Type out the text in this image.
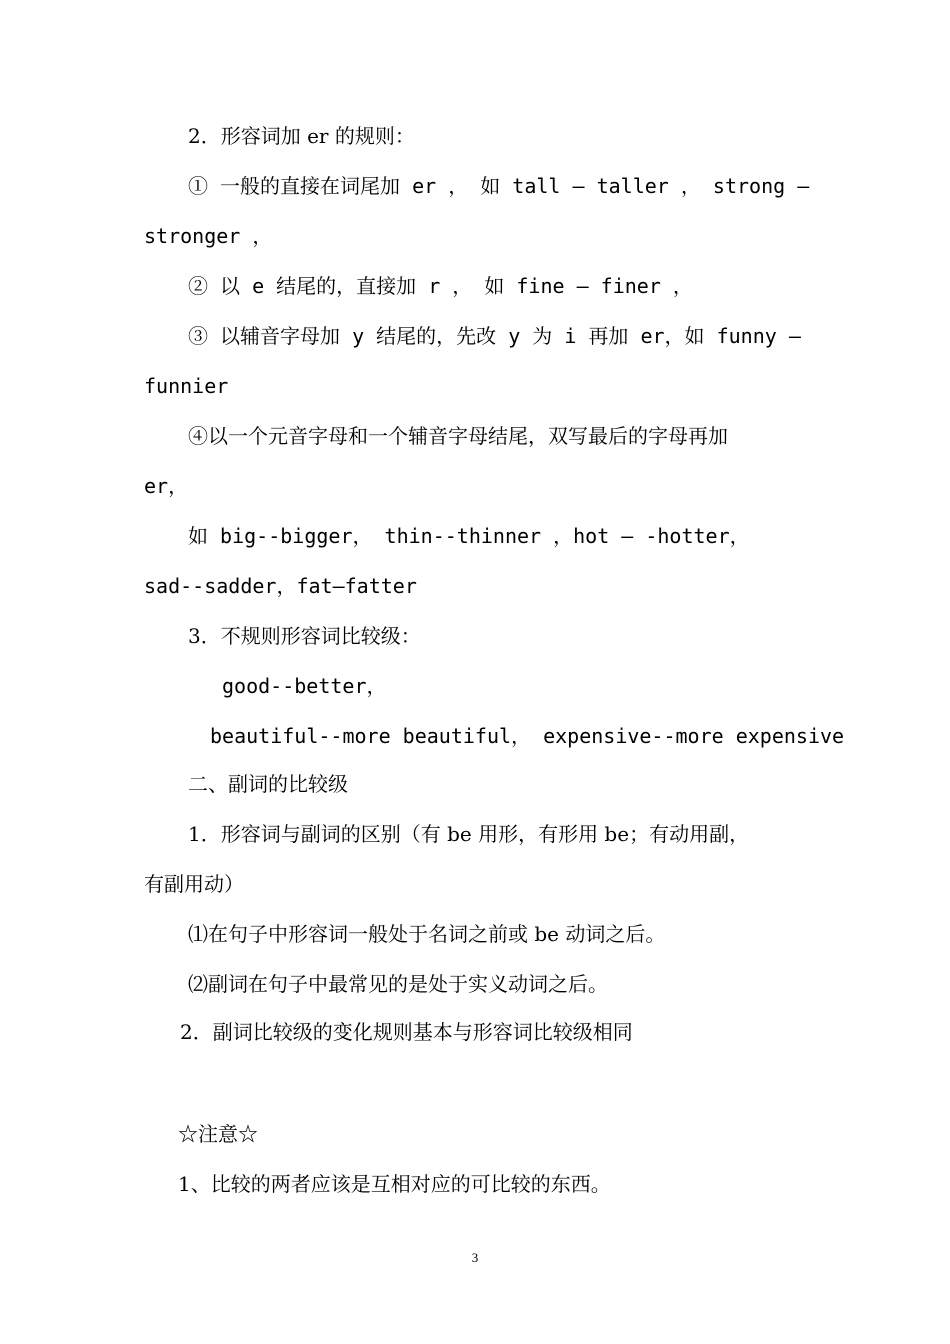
2．形容词加 er 的规则：
① 一般的直接在词尾加 er ， 如 tall – taller ， strong –
stronger ，
② 以 e 结尾的，直接加 r ， 如 fine – finer ，
③ 以辅音字母加 y 结尾的，先改 y 为 i 再加 er，如 funny –
funnier
④以一个元音字母和一个辅音字母结尾，双写最后的字母再加
er，
如 big--bigger， thin--thinner ，hot – -hotter，
sad--sadder，fat—fatter
3．不规则形容词比较级：
good--better，
beautiful--more beautiful， expensive--more expensive
二、副词的比较级
1．形容词与副词的区别（有 be 用形，有形用 be；有动用副，
有副用动）
⑴在句子中形容词一般处于名词之前或 be 动词之后。
⑵副词在句子中最常见的是处于实义动词之后。
2．副词比较级的变化规则基本与形容词比较级相同
☆注意☆
1、比较的两者应该是互相对应的可比较的东西。
3
